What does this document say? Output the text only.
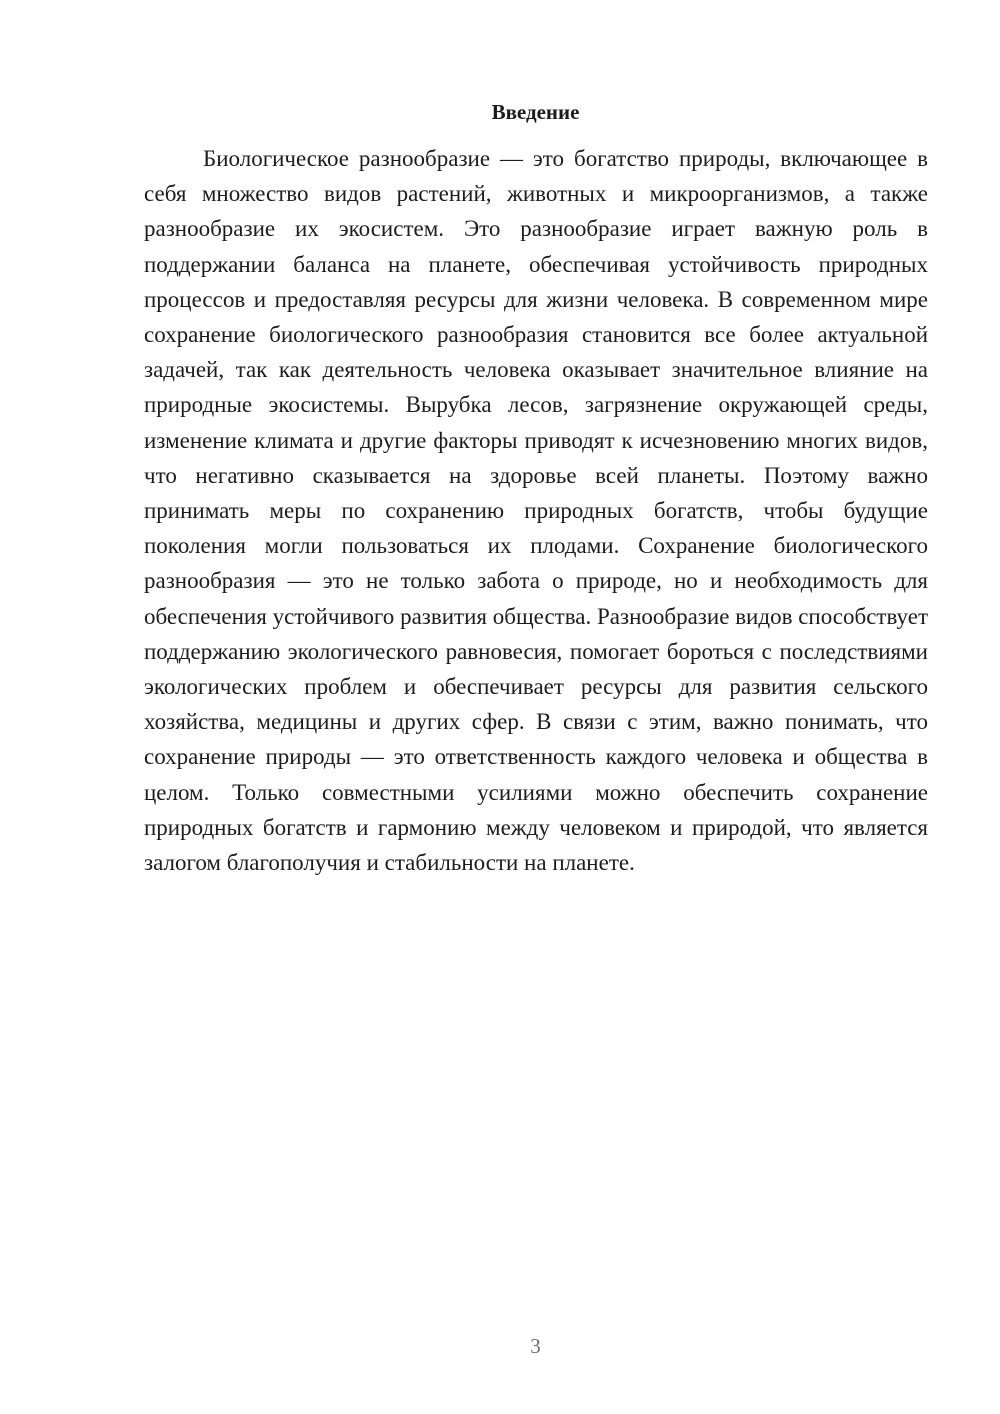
Введение

Биологическое разнообразие — это богатство природы, включающее в себя множество видов растений, животных и микроорганизмов, а также разнообразие их экосистем. Это разнообразие играет важную роль в поддержании баланса на планете, обеспечивая устойчивость природных процессов и предоставляя ресурсы для жизни человека. В современном мире сохранение биологического разнообразия становится все более актуальной задачей, так как деятельность человека оказывает значительное влияние на природные экосистемы. Вырубка лесов, загрязнение окружающей среды, изменение климата и другие факторы приводят к исчезновению многих видов, что негативно сказывается на здоровье всей планеты. Поэтому важно принимать меры по сохранению природных богатств, чтобы будущие поколения могли пользоваться их плодами. Сохранение биологического разнообразия — это не только забота о природе, но и необходимость для обеспечения устойчивого развития общества. Разнообразие видов способствует поддержанию экологического равновесия, помогает бороться с последствиями экологических проблем и обеспечивает ресурсы для развития сельского хозяйства, медицины и других сфер. В связи с этим, важно понимать, что сохранение природы — это ответственность каждого человека и общества в целом. Только совместными усилиями можно обеспечить сохранение природных богатств и гармонию между человеком и природой, что является залогом благополучия и стабильности на планете.

3
